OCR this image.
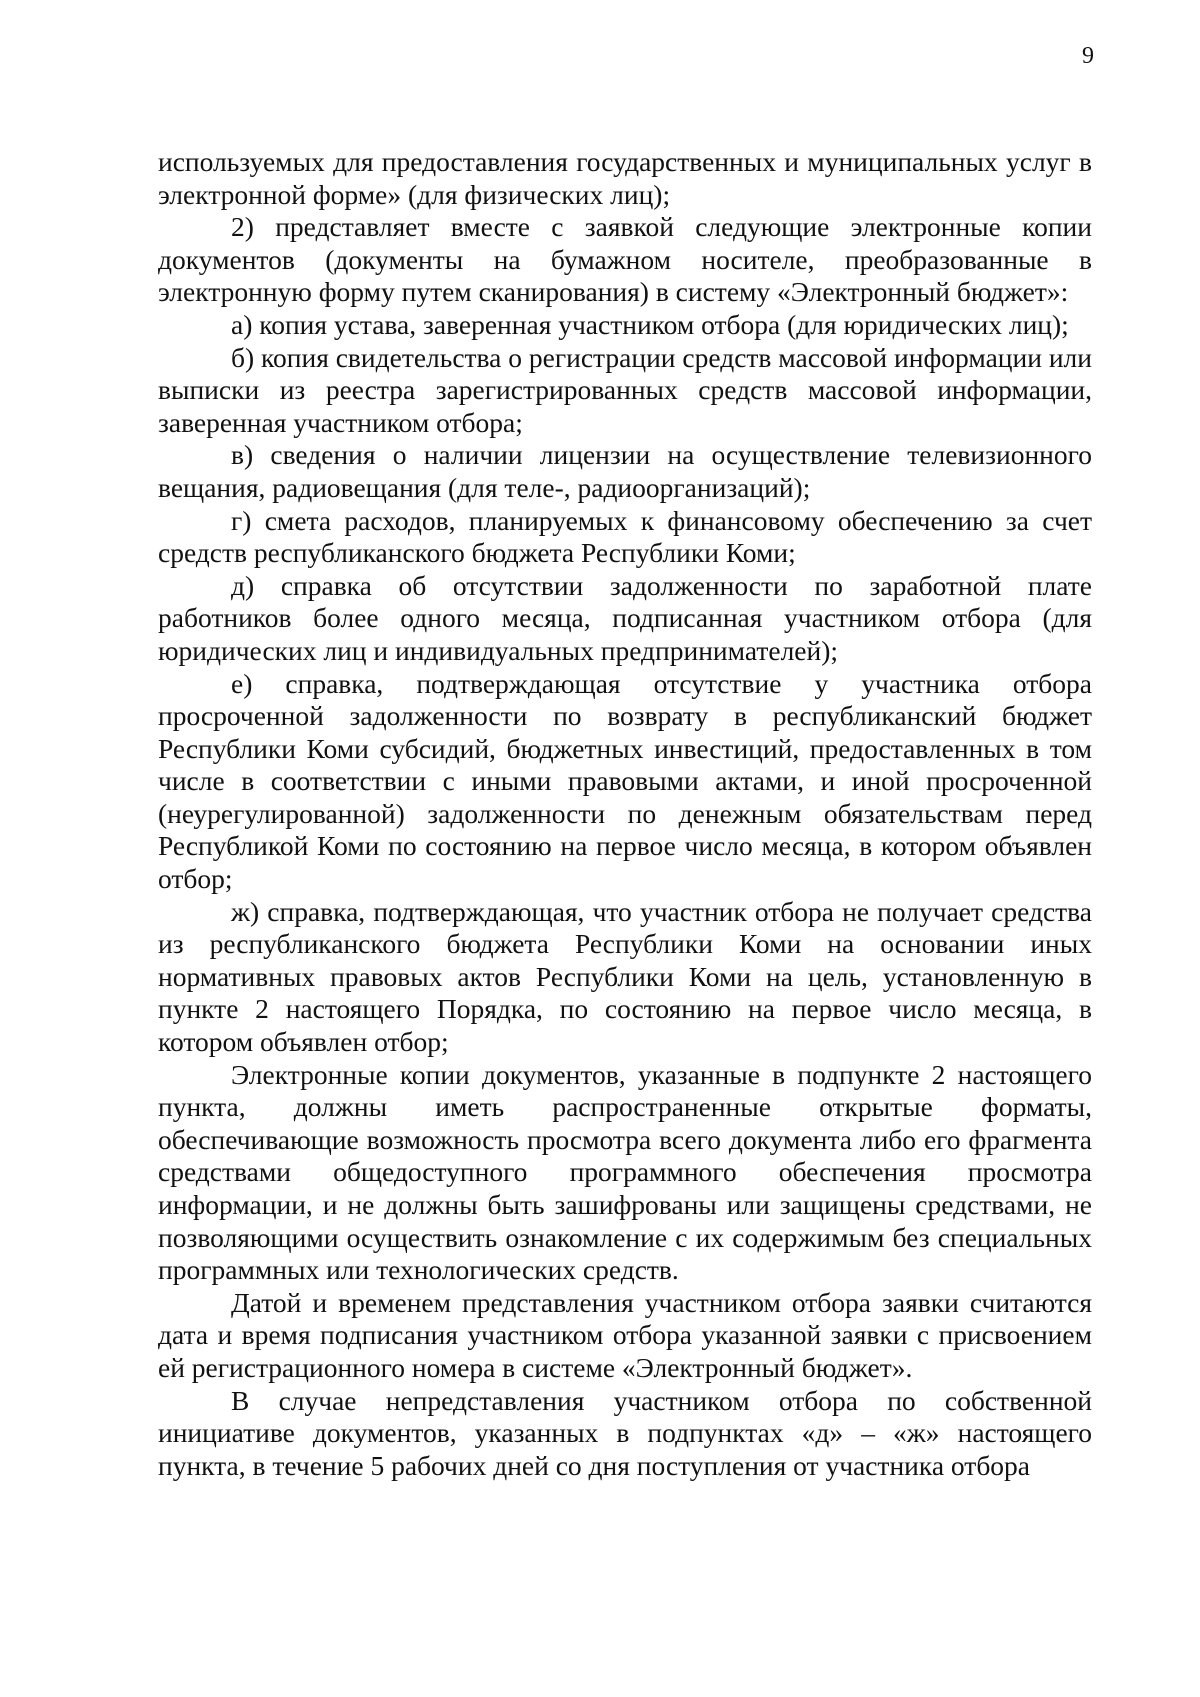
9

используемых для предоставления государственных и муниципальных услуг в электронной форме» (для физических лиц);

2) представляет вместе с заявкой следующие электронные копии документов (документы на бумажном носителе, преобразованные в электронную форму путем сканирования) в систему «Электронный бюджет»:

а) копия устава, заверенная участником отбора (для юридических лиц);

б) копия свидетельства о регистрации средств массовой информации или выписки из реестра зарегистрированных средств массовой информации, заверенная участником отбора;

в) сведения о наличии лицензии на осуществление телевизионного вещания, радиовещания (для теле-, радиоорганизаций);

г) смета расходов, планируемых к финансовому обеспечению за счет средств республиканского бюджета Республики Коми;

д) справка об отсутствии задолженности по заработной плате работников более одного месяца, подписанная участником отбора (для юридических лиц и индивидуальных предпринимателей);

е) справка, подтверждающая отсутствие у участника отбора просроченной задолженности по возврату в республиканский бюджет Республики Коми субсидий, бюджетных инвестиций, предоставленных в том числе в соответствии с иными правовыми актами, и иной просроченной (неурегулированной) задолженности по денежным обязательствам перед Республикой Коми по состоянию на первое число месяца, в котором объявлен отбор;

ж) справка, подтверждающая, что участник отбора не получает средства из республиканского бюджета Республики Коми на основании иных нормативных правовых актов Республики Коми на цель, установленную в пункте 2 настоящего Порядка, по состоянию на первое число месяца, в котором объявлен отбор;

Электронные копии документов, указанные в подпункте 2 настоящего пункта, должны иметь распространенные открытые форматы, обеспечивающие возможность просмотра всего документа либо его фрагмента средствами общедоступного программного обеспечения просмотра информации, и не должны быть зашифрованы или защищены средствами, не позволяющими осуществить ознакомление с их содержимым без специальных программных или технологических средств.

Датой и временем представления участником отбора заявки считаются дата и время подписания участником отбора указанной заявки с присвоением ей регистрационного номера в системе «Электронный бюджет».

В случае непредставления участником отбора по собственной инициативе документов, указанных в подпунктах «д» – «ж» настоящего пункта, в течение 5 рабочих дней со дня поступления от участника отбора
